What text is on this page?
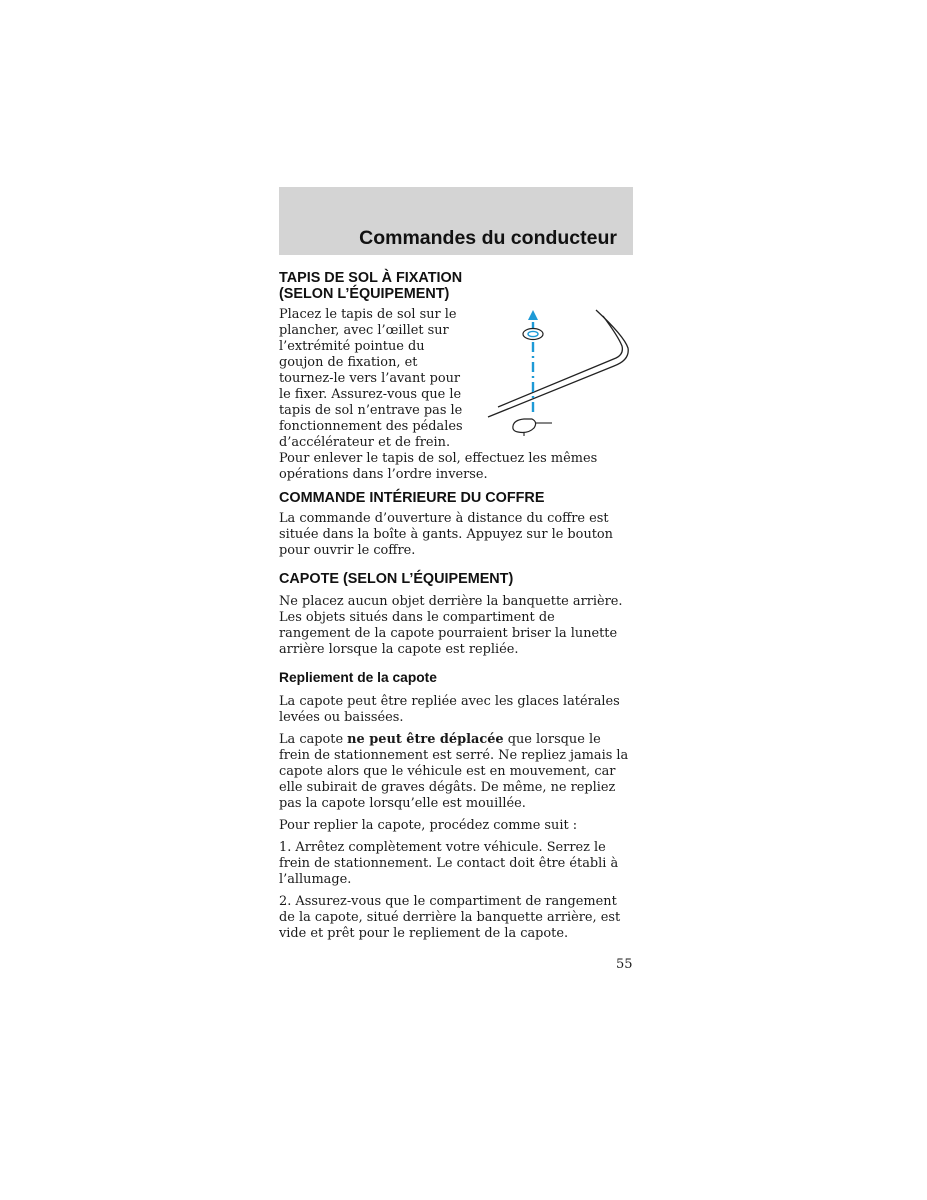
Commandes du conducteur

TAPIS DE SOL À FIXATION

(SELON L’ÉQUIPEMENT)

Placez le tapis de sol sur le

plancher, avec l’œillet sur

l’extrémité pointue du

goujon de fixation, et

tournez-le vers l’avant pour

le fixer. Assurez-vous que le

tapis de sol n’entrave pas le

fonctionnement des pédales

d’accélérateur et de frein.

Pour enlever le tapis de sol, effectuez les mêmes

opérations dans l’ordre inverse.

COMMANDE INTÉRIEURE DU COFFRE

La commande d’ouverture à distance du coffre est

située dans la boîte à gants. Appuyez sur le bouton

pour ouvrir le coffre.

CAPOTE (SELON L’ÉQUIPEMENT)

Ne placez aucun objet derrière la banquette arrière.

Les objets situés dans le compartiment de

rangement de la capote pourraient briser la lunette

arrière lorsque la capote est repliée.

Repliement de la capote

La capote peut être repliée avec les glaces latérales

levées ou baissées.

La capote ne peut être déplacée que lorsque le

frein de stationnement est serré. Ne repliez jamais la

capote alors que le véhicule est en mouvement, car

elle subirait de graves dégâts. De même, ne repliez

pas la capote lorsqu’elle est mouillée.

Pour replier la capote, procédez comme suit :

1. Arrêtez complètement votre véhicule. Serrez le

frein de stationnement. Le contact doit être établi à

l’allumage.

2. Assurez-vous que le compartiment de rangement

de la capote, situé derrière la banquette arrière, est

vide et prêt pour le repliement de la capote.

55
